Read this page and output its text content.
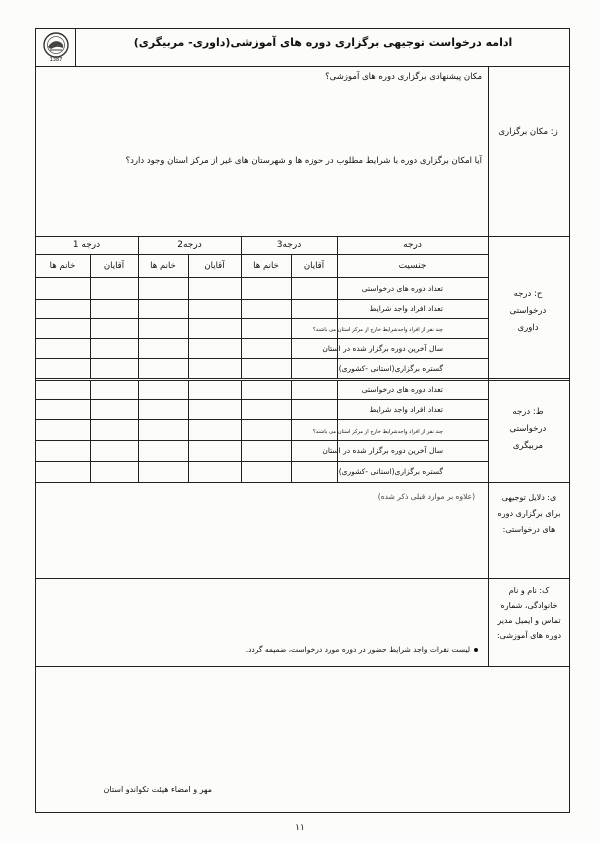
1387
ادامه درخواست توجیهی برگزاری دوره های آموزشی(داوری- مربیگری)
ز: مکان برگزاری
مکان پیشنهادی برگزاری دوره های آموزشی؟
آیا امکان برگزاری دوره با شرایط مطلوب در حوزه ها و شهرستان های غیر از مرکز استان وجود دارد؟
درجه
درجه3
درجه2
درجه 1
جنسیت
آقایان
خانم ها
آقایان
خانم ها
آقایان
خانم ها
تعداد دوره های درخواستی
تعداد افراد واجد شرایط
چند نفر از افراد واجدشرایط خارج از مرکز استان می باشند؟
سال آخرین دوره برگزار شده در استان
گستره برگزاری(استانی -کشوری)
ح: درجه درخواستی داوری
تعداد دوره های درخواستی
تعداد افراد واجد شرایط
چند نفر از افراد واجدشرایط خارج از مرکز استان می باشند؟
سال آخرین دوره برگزار شده در استان
گستره برگزاری(استانی -کشوری)
ط: درجه درخواستی مربیگری
(علاوه بر موارد قبلی ذکر شده)	ی: دلایل توجیهی برای برگزاری دوره های درخواستی:
لیست نفرات واجد شرایط حضور در دوره مورد درخواست، ضمیمه گردد.
ک: نام و نام خانوادگی، شماره تماس و ایمیل مدیر دوره های آموزشی:
مهر و امضاء هیئت تکواندو استان
۱۱
